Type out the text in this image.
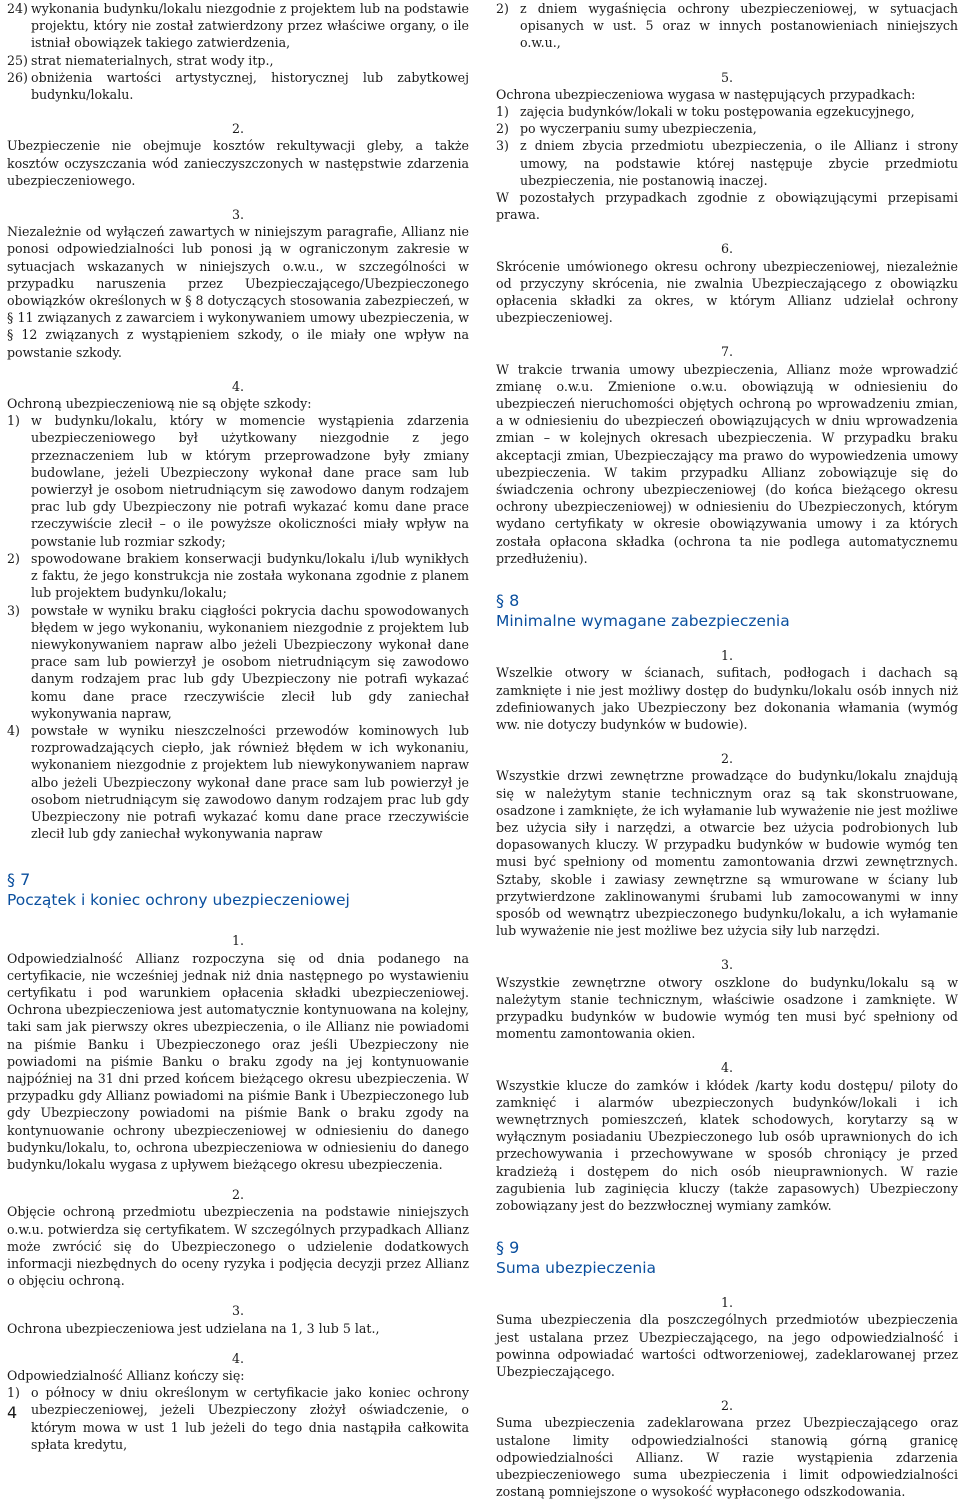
24) wykonania budynku/lokalu niezgodnie z projektem lub na podstawie projektu, który nie został zatwierdzony przez właściwe organy, o ile istniał obowiązek takiego zatwierdzenia,
25) strat niematerialnych, strat wody itp.,
26) obniżenia wartości artystycznej, historycznej lub zabytkowej budynku/lokalu.

2.

Ubezpieczenie nie obejmuje kosztów rekultywacji gleby, a także kosztów oczyszczania wód zanieczyszczonych w następstwie zdarzenia ubezpieczeniowego.

3.

Niezależnie od wyłączeń zawartych w niniejszym paragrafie, Allianz nie ponosi odpowiedzialności lub ponosi ją w ograniczonym zakresie w sytuacjach wskazanych w niniejszych o.w.u., w szczególności w przypadku naruszenia przez Ubezpieczającego/Ubezpieczonego obowiązków określonych w § 8 dotyczących stosowania zabezpieczeń, w § 11 związanych z zawarciem i wykonywaniem umowy ubezpieczenia, w § 12 związanych z wystąpieniem szkody, o ile miały one wpływ na powstanie szkody.

4.

Ochroną ubezpieczeniową nie są objęte szkody:

1) w budynku/lokalu, który w momencie wystąpienia zdarzenia ubezpieczeniowego był użytkowany niezgodnie z jego przeznaczeniem lub w którym przeprowadzone były zmiany budowlane, jeżeli Ubezpieczony wykonał dane prace sam lub powierzył je osobom nietrudniącym się zawodowo danym rodzajem prac lub gdy Ubezpieczony nie potrafi wykazać komu dane prace rzeczywiście zlecił – o ile powyższe okoliczności miały wpływ na powstanie lub rozmiar szkody;
2) spowodowane brakiem konserwacji budynku/lokalu i/lub wynikłych z faktu, że jego konstrukcja nie została wykonana zgodnie z planem lub projektem budynku/lokalu;
3) powstałe w wyniku braku ciągłości pokrycia dachu spowodowanych błędem w jego wykonaniu, wykonaniem niezgodnie z projektem lub niewykonywaniem napraw albo jeżeli Ubezpieczony wykonał dane prace sam lub powierzył je osobom nietrudniącym się zawodowo danym rodzajem prac lub gdy Ubezpieczony nie potrafi wykazać komu dane prace rzeczywiście zlecił lub gdy zaniechał wykonywania napraw,
4) powstałe w wyniku nieszczelności przewodów kominowych lub rozprowadzających ciepło, jak również błędem w ich wykonaniu, wykonaniem niezgodnie z projektem lub niewykonywaniem napraw albo jeżeli Ubezpieczony wykonał dane prace sam lub powierzył je osobom nietrudniącym się zawodowo danym rodzajem prac lub gdy Ubezpieczony nie potrafi wykazać komu dane prace rzeczywiście zlecił lub gdy zaniechał wykonywania napraw
§ 7
Początek i koniec ochrony ubezpieczeniowej

1.

Odpowiedzialność Allianz rozpoczyna się od dnia podanego na certyfikacie, nie wcześniej jednak niż dnia następnego po wystawieniu certyfikatu i pod warunkiem opłacenia składki ubezpieczeniowej. Ochrona ubezpieczeniowa jest automatycznie kontynuowana na kolejny, taki sam jak pierwszy okres ubezpieczenia, o ile Allianz nie powiadomi na piśmie Banku i Ubezpieczonego oraz jeśli Ubezpieczony nie powiadomi na piśmie Banku o braku zgody na jej kontynuowanie najpóźniej na 31 dni przed końcem bieżącego okresu ubezpieczenia. W przypadku gdy Allianz powiadomi na piśmie Bank i Ubezpieczonego lub gdy Ubezpieczony powiadomi na piśmie Bank o braku zgody na kontynuowanie ochrony ubezpieczeniowej w odniesieniu do danego budynku/lokalu, to, ochrona ubezpieczeniowa w odniesieniu do danego budynku/lokalu wygasa z upływem bieżącego okresu ubezpieczenia.

2.

Objęcie ochroną przedmiotu ubezpieczenia na podstawie niniejszych o.w.u. potwierdza się certyfikatem. W szczególnych przypadkach Allianz może zwrócić się do Ubezpieczonego o udzielenie dodatkowych informacji niezbędnych do oceny ryzyka i podjęcia decyzji przez Allianz o objęciu ochroną.

3.

Ochrona ubezpieczeniowa jest udzielana na 1, 3 lub 5 lat.,

4.

Odpowiedzialność Allianz kończy się:

1) o północy w dniu określonym w certyfikacie jako koniec ochrony ubezpieczeniowej, jeżeli Ubezpieczony złożył oświadczenie, o którym mowa w ust 1 lub jeżeli do tego dnia nastąpiła całkowita spłata kredytu,
2) z dniem wygaśnięcia ochrony ubezpieczeniowej, w sytuacjach opisanych w ust. 5 oraz w innych postanowieniach niniejszych o.w.u.,

5.

Ochrona ubezpieczeniowa wygasa w następujących przypadkach:

1) zajęcia budynków/lokali w toku postępowania egzekucyjnego,
2) po wyczerpaniu sumy ubezpieczenia,
3) z dniem zbycia przedmiotu ubezpieczenia, o ile Allianz i strony umowy, na podstawie której następuje zbycie przedmiotu ubezpieczenia, nie postanowią inaczej.

W pozostałych przypadkach zgodnie z obowiązującymi przepisami prawa.

6.

Skrócenie umówionego okresu ochrony ubezpieczeniowej, niezależnie od przyczyny skrócenia, nie zwalnia Ubezpieczającego z obowiązku opłacenia składki za okres, w którym Allianz udzielał ochrony ubezpieczeniowej.

7.

W trakcie trwania umowy ubezpieczenia, Allianz może wprowadzić zmianę o.w.u. Zmienione o.w.u. obowiązują w odniesieniu do ubezpieczeń nieruchomości objętych ochroną po wprowadzeniu zmian, a w odniesieniu do ubezpieczeń obowiązujących w dniu wprowadzenia zmian – w kolejnych okresach ubezpieczenia. W przypadku braku akceptacji zmian, Ubezpieczający ma prawo do wypowiedzenia umowy ubezpieczenia. W takim przypadku Allianz zobowiązuje się do świadczenia ochrony ubezpieczeniowej (do końca bieżącego okresu ochrony ubezpieczeniowej) w odniesieniu do Ubezpieczonych, którym wydano certyfikaty w okresie obowiązywania umowy i za których została opłacona składka (ochrona ta nie podlega automatycznemu przedłużeniu).

§ 8
Minimalne wymagane zabezpieczenia

1.

Wszelkie otwory w ścianach, sufitach, podłogach i dachach są zamknięte i nie jest możliwy dostęp do budynku/lokalu osób innych niż zdefiniowanych jako Ubezpieczony bez dokonania włamania (wymóg ww. nie dotyczy budynków w budowie).

2.

Wszystkie drzwi zewnętrzne prowadzące do budynku/lokalu znajdują się w należytym stanie technicznym oraz są tak skonstruowane, osadzone i zamknięte, że ich wyłamanie lub wyważenie nie jest możliwe bez użycia siły i narzędzi, a otwarcie bez użycia podrobionych lub dopasowanych kluczy. W przypadku budynków w budowie wymóg ten musi być spełniony od momentu zamontowania drzwi zewnętrznych. Sztaby, skoble i zawiasy zewnętrzne są wmurowane w ściany lub przytwierdzone zaklinowanymi śrubami lub zamocowanymi w inny sposób od wewnątrz ubezpieczonego budynku/lokalu, a ich wyłamanie lub wyważenie nie jest możliwe bez użycia siły lub narzędzi.

3.

Wszystkie zewnętrzne otwory oszklone do budynku/lokalu są w należytym stanie technicznym, właściwie osadzone i zamknięte. W przypadku budynków w budowie wymóg ten musi być spełniony od momentu zamontowania okien.

4.

Wszystkie klucze do zamków i kłódek /karty kodu dostępu/ piloty do zamknięć i alarmów ubezpieczonych budynków/lokali i ich wewnętrznych pomieszczeń, klatek schodowych, korytarzy są w wyłącznym posiadaniu Ubezpieczonego lub osób uprawnionych do ich przechowywania i przechowywane w sposób chroniący je przed kradzieżą i dostępem do nich osób nieuprawnionych. W razie zagubienia lub zaginięcia kluczy (także zapasowych) Ubezpieczony zobowiązany jest do bezzwłocznej wymiany zamków.

§ 9
Suma ubezpieczenia

1.

Suma ubezpieczenia dla poszczególnych przedmiotów ubezpieczenia jest ustalana przez Ubezpieczającego, na jego odpowiedzialność i powinna odpowiadać wartości odtworzeniowej, zadeklarowanej przez Ubezpieczającego.

2.

Suma ubezpieczenia zadeklarowana przez Ubezpieczającego oraz ustalone limity odpowiedzialności stanowią górną granicę odpowiedzialności Allianz. W razie wystąpienia zdarzenia ubezpieczeniowego suma ubezpieczenia i limit odpowiedzialności zostaną pomniejszone o wysokość wypłaconego odszkodowania.

4
